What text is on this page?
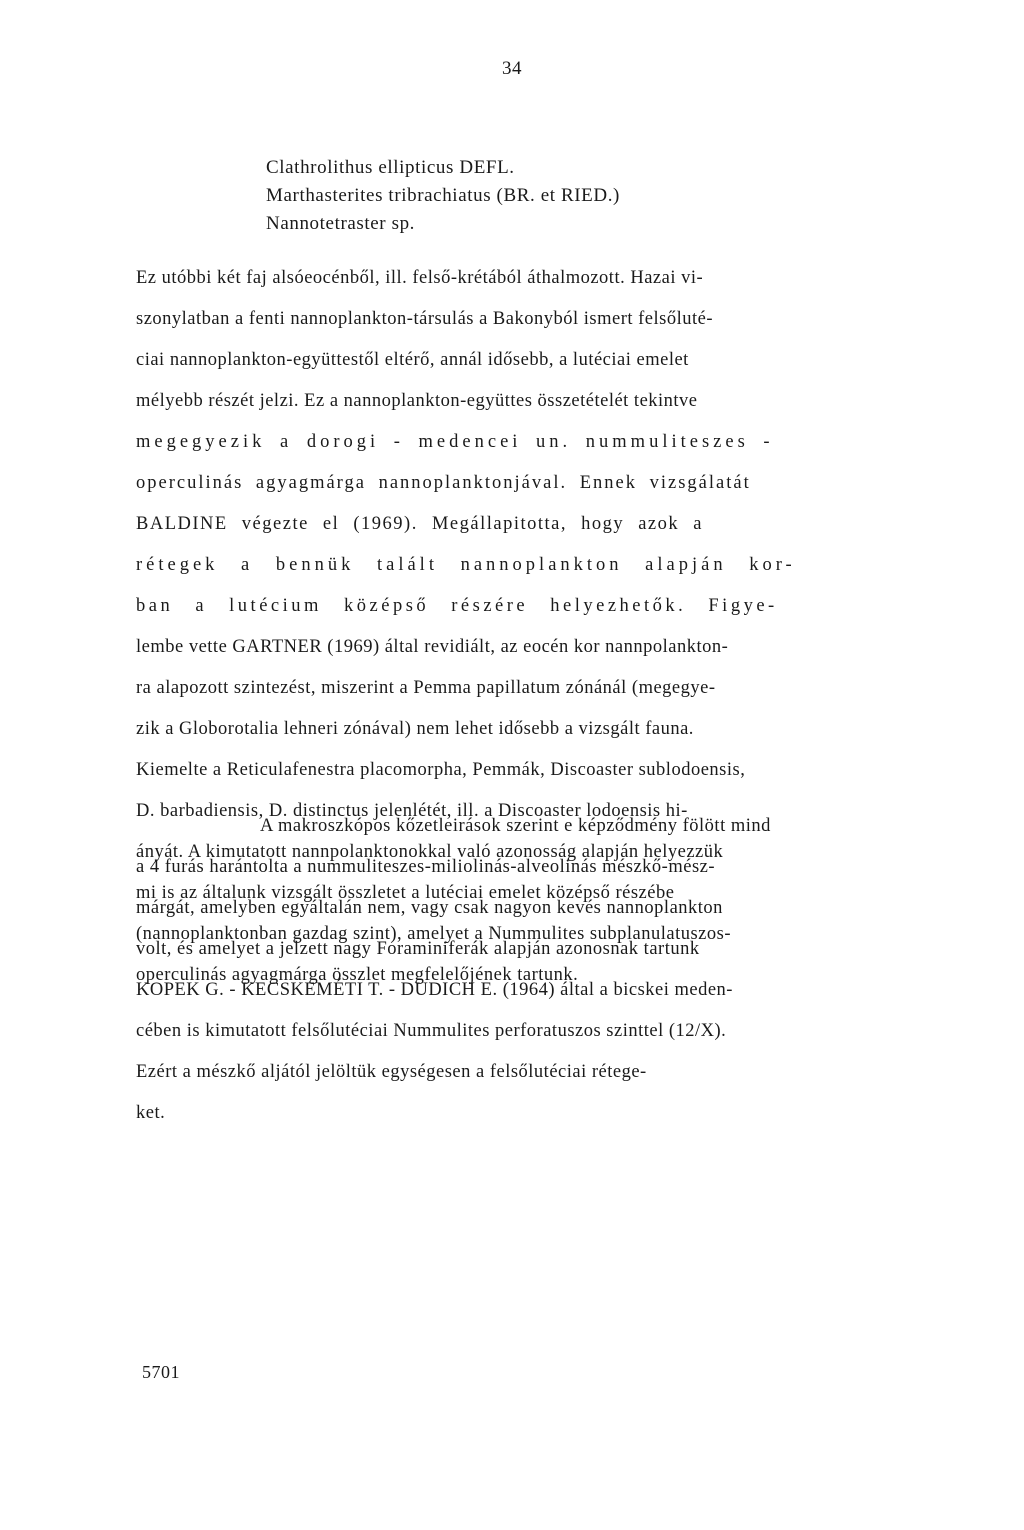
34
Clathrolithus ellipticus DEFL.
Marthasterites tribrachiatus (BR. et RIED.)
Nannotetraster sp.
Ez utóbbi két faj alsóeocénből, ill. felső-krétából áthalmozott. Hazai vi-
szonylatban a fenti nannoplankton-társulás a Bakonyból ismert felsőluté-
ciai nannoplankton-együttestől eltérő, annál idősebb, a lutéciai emelet
mélyebb részét jelzi. Ez a nannoplankton-együttes összetételét tekintve
megegyezik a dorogi - medencei un. nummuliteszes -
operculinás agyagmárga nannoplanktonjával. Ennek vizsgálatát
BALDINE végezte el (1969). Megállapitotta, hogy azok a
rétegek a bennük talált nannoplankton alapján kor-
ban a lutécium középső részére helyezhetők. Figye-
lembe vette GARTNER (1969) által revidiált, az eocén kor nannpolankton-
ra alapozott szintezést, miszerint a Pemma papillatum zónánál (megegye-
zik a Globorotalia lehneri zónával) nem lehet idősebb a vizsgált fauna.
Kiemelte a Reticulafenestra placomorpha, Pemmák, Discoaster sublodoensis,
D. barbadiensis, D. distinctus jelenlétét, ill. a Discoaster lodoensis hi-
ányát. A kimutatott nannpolanktonokkal való azonosság alapján helyezzük
mi is az általunk vizsgált összletet a lutéciai emelet középső részébe
(nannoplanktonban gazdag szint), amelyet a Nummulites subplanulatuszos-
operculinás agyagmárga összlet megfelelőjének tartunk.
A makroszkópos kőzetleirások szerint e képződmény fölött mind
a 4 furás harántolta a nummuliteszes-miliolinás-alveolinás mészkő-mész-
márgát, amelyben egyáltalán nem, vagy csak nagyon kevés nannoplankton
volt, és amelyet a jelzett nagy Foraminiferák alapján azonosnak tartunk
KOPEK G. - KECSKEMÉTI T. - DUDICH E. (1964) által a bicskei meden-
cében is kimutatott felsőlutéciai Nummulites perforatuszos szinttel (12/X).
Ezért a mészkő aljától jelöltük egységesen a felsőlutéciai rétege-
ket.
5701
